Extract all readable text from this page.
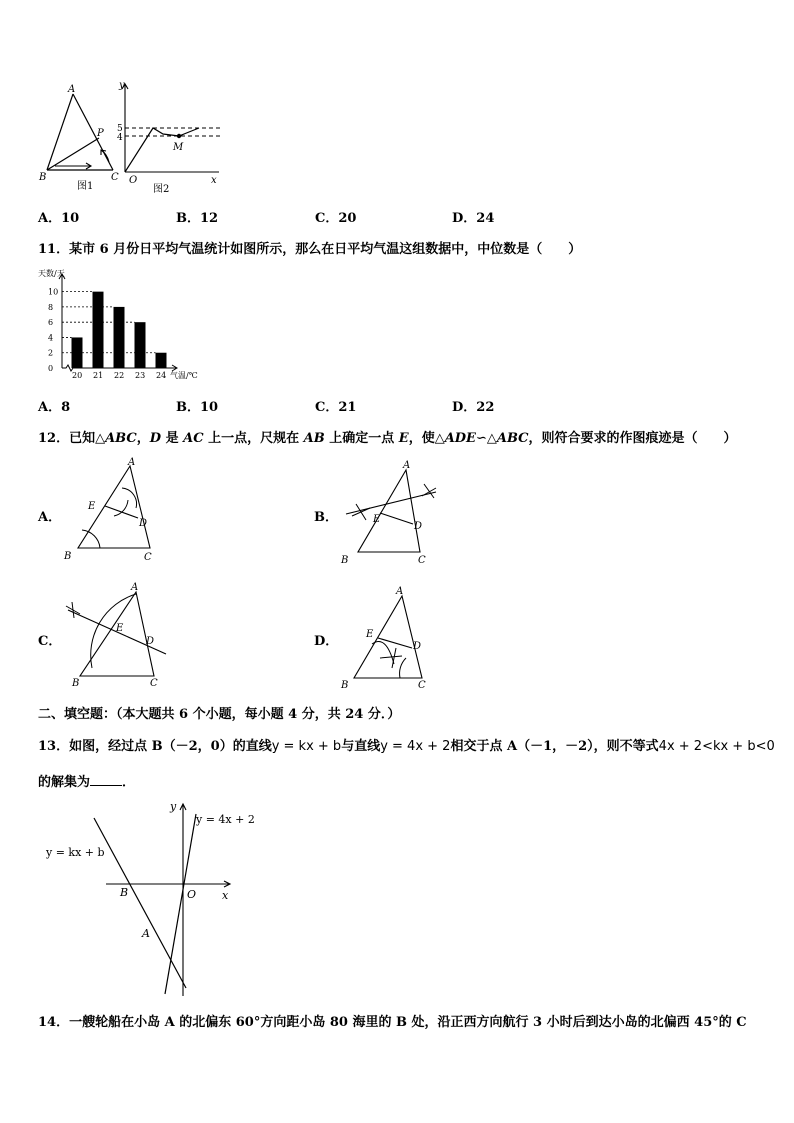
A
B	C
P
图1
y
x
O
M
5
4
图2
A．10	B．12	C．20	D．24
11．某市 6 月份日平均气温统计如图所示，那么在日平均气温这组数据中，中位数是（　　）
天数/天
气温/℃
0
2
4
6
8
10
20 21 22 23 24
A．8	B．10	C．21	D．22
12．已知△ABC，D 是 AC 上一点，尺规在 AB 上确定一点 E，使△ADE∽△ABC，则符合要求的作图痕迹是（　　）
A．
A
E
D
B	C
B．
A
E
D
B	C
C．
A
E
D
B	C
D．
A
E
D
B	C
二、填空题：（本大题共 6 个小题，每小题 4 分，共 24 分．）
13．如图，经过点 B（－2，0）的直线y = kx + b与直线y = 4x + 2相交于点 A（－1，－2），则不等式4x + 2<kx + b<0
的解集为 ．
y = kx + b
y = 4x + 2
y
x
O
B
A
14．一艘轮船在小岛 A 的北偏东 60°方向距小岛 80 海里的 B 处，沿正西方向航行 3 小时后到达小岛的北偏西 45°的 C
